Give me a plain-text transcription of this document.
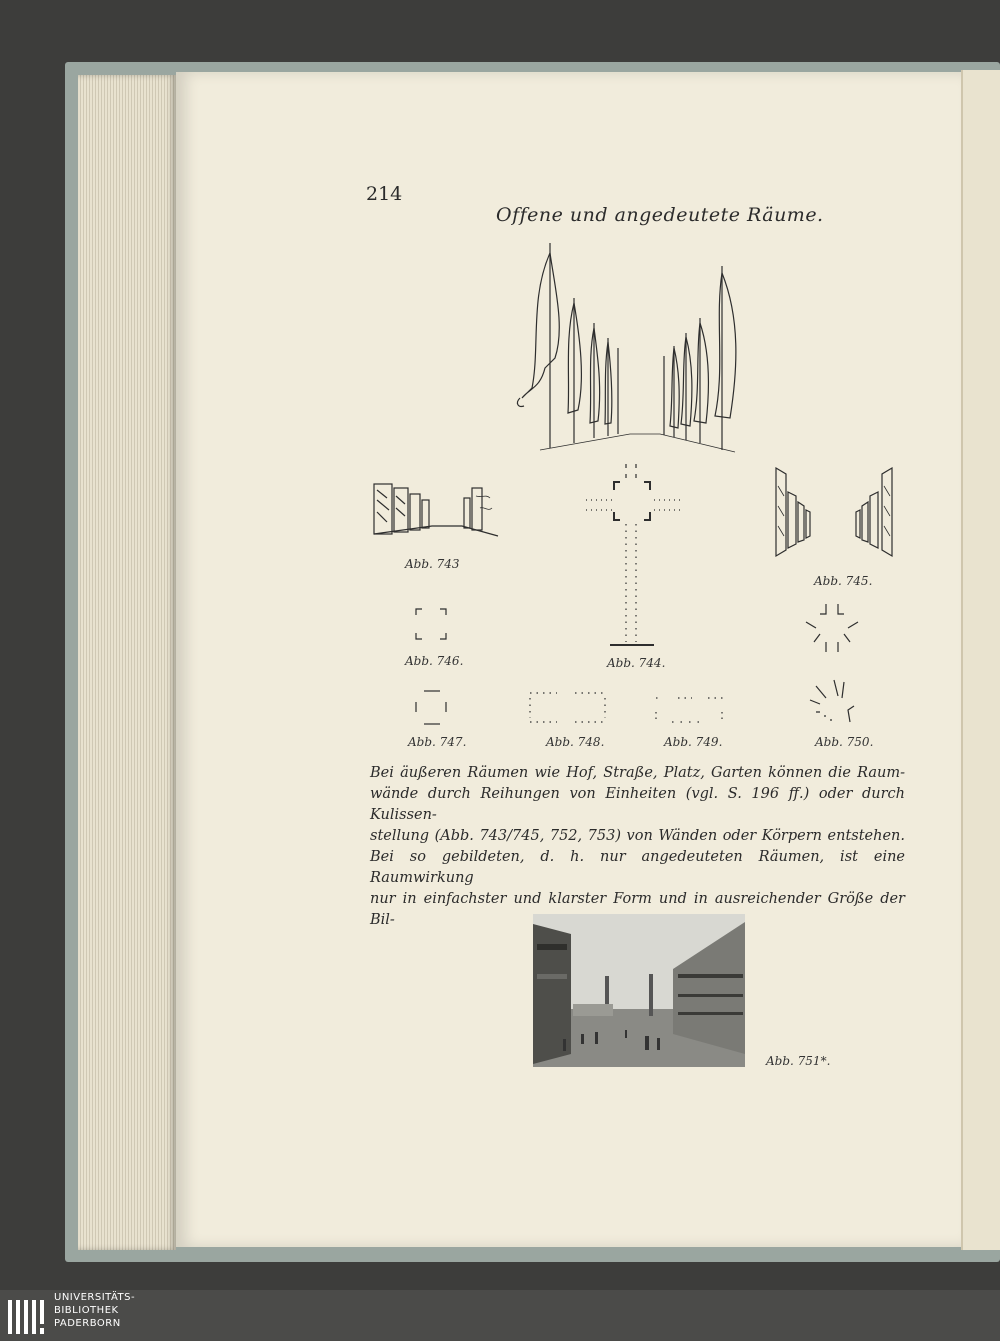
214
Offene und angedeutete Räume.
Abb. 743
Abb. 744.
Abb. 745.
Abb. 746.
Abb. 747.	Abb. 748.	Abb. 749.	Abb. 750.
Bei äußeren Räumen wie Hof, Straße, Platz, Garten können die Raum-
wände durch Reihungen von Einheiten (vgl. S. 196 ff.) oder durch Kulissen-
stellung (Abb. 743/745, 752, 753) von Wänden oder Körpern entstehen.
Bei so gebildeten, d. h. nur angedeuteten Räumen, ist eine Raumwirkung
nur in einfachster und klarster Form und in ausreichender Größe der Bil-
Abb. 751*.
UNIVERSITÄTS-
BIBLIOTHEK
PADERBORN
